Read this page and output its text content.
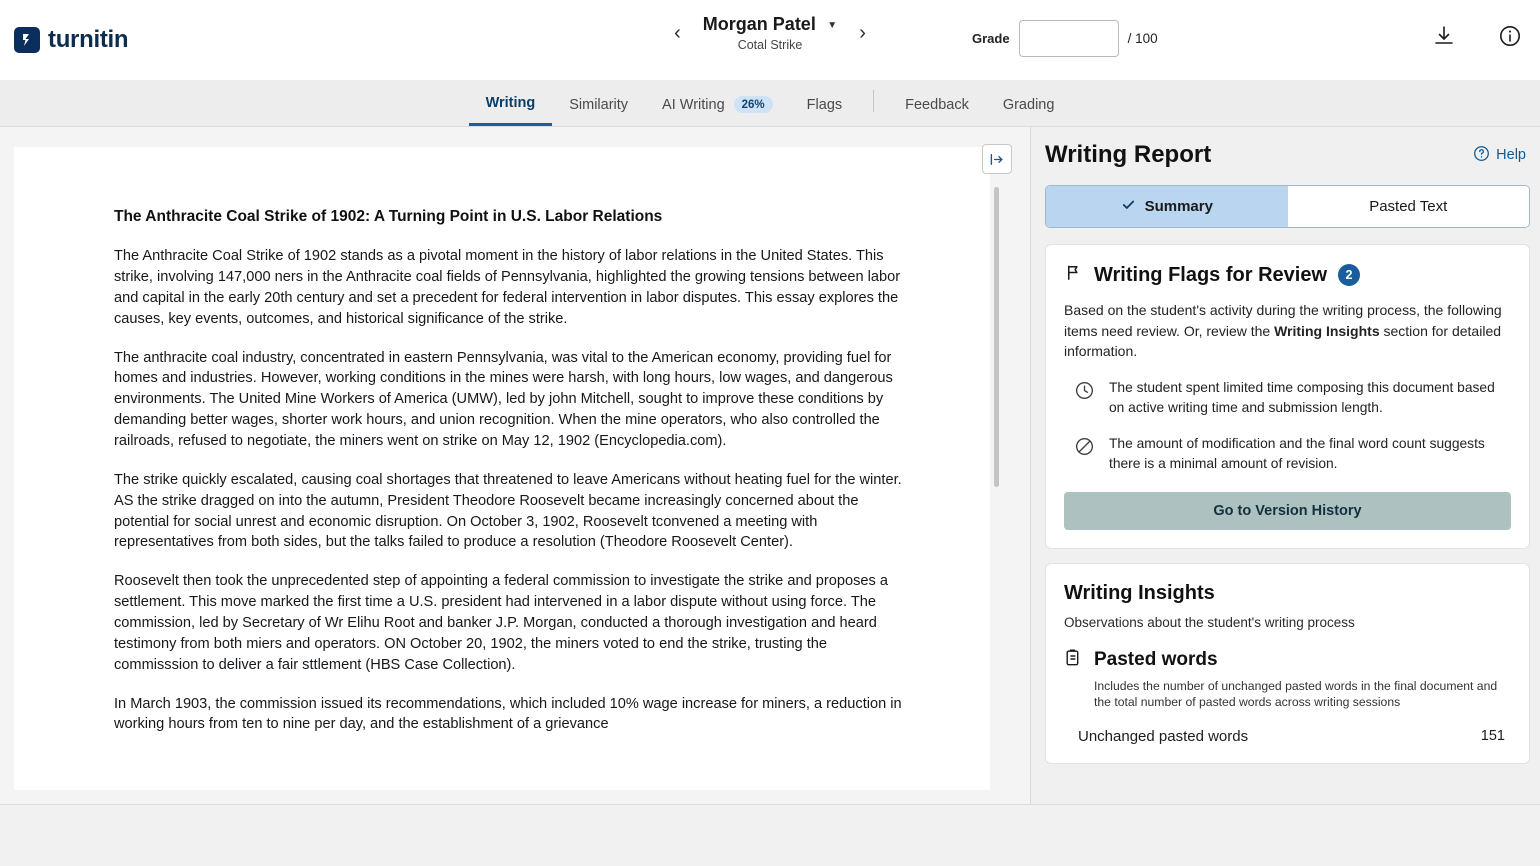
turnitin	‹ Morgan Patel ▼
Cotal Strike
›	Grade	/ 100
Writing Similarity AI Writing	26%	Flags	Feedback Grading
The Anthracite Coal Strike of 1902: A Turning Point in U.S. Labor Relations

The Anthracite Coal Strike of 1902 stands as a pivotal moment in the history of labor relations in the United States. This strike, involving 147,000 ners in the Anthracite coal fields of Pennsylvania, highlighted the growing tensions between labor and capital in the early 20th century and set a precedent for federal intervention in labor disputes. This essay explores the causes, key events, outcomes, and historical significance of the strike.

The anthracite coal industry, concentrated in eastern Pennsylvania, was vital to the American economy, providing fuel for homes and industries. However, working conditions in the mines were harsh, with long hours, low wages, and dangerous environments. The United Mine Workers of America (UMW), led by john Mitchell, sought to improve these conditions by demanding better wages, shorter work hours, and union recognition. When the mine operators, who also controlled the railroads, refused to negotiate, the miners went on strike on May 12, 1902 (Encyclopedia.com).

The strike quickly escalated, causing coal shortages that threatened to leave Americans without heating fuel for the winter. AS the strike dragged on into the autumn, President Theodore Roosevelt became increasingly concerned about the potential for social unrest and economic disruption. On October 3, 1902, Roosevelt tconvened a meeting with representatives from both sides, but the talks failed to produce a resolution (Theodore Roosevelt Center).

Roosevelt then took the unprecedented step of appointing a federal commission to investigate the strike and proposes a settlement. This move marked the first time a U.S. president had intervened in a labor dispute without using force. The commission, led by Secretary of Wr Elihu Root and banker J.P. Morgan, conducted a thorough investigation and heard testimony from both miers and operators. ON October 20, 1902, the miners voted to end the strike, trusting the commisssion to deliver a fair sttlement (HBS Case Collection).

In March 1903, the commission issued its recommendations, which included 10% wage increase for miners, a reduction in working hours from ten to nine per day, and the establishment of a grievance

Writing Report	Help
Summary	Pasted Text
Writing Flags for Review	2

Based on the student's activity during the writing process, the following items need review. Or, review the Writing Insights section for detailed information.

The student spent limited time composing this document based on active writing time and submission length.
The amount of modification and the final word count suggests there is a minimal amount of revision.
Go to Version History
Writing Insights

Observations about the student's writing process

Pasted words

Includes the number of unchanged pasted words in the final document and the total number of pasted words across writing sessions

Unchanged pasted words	151
